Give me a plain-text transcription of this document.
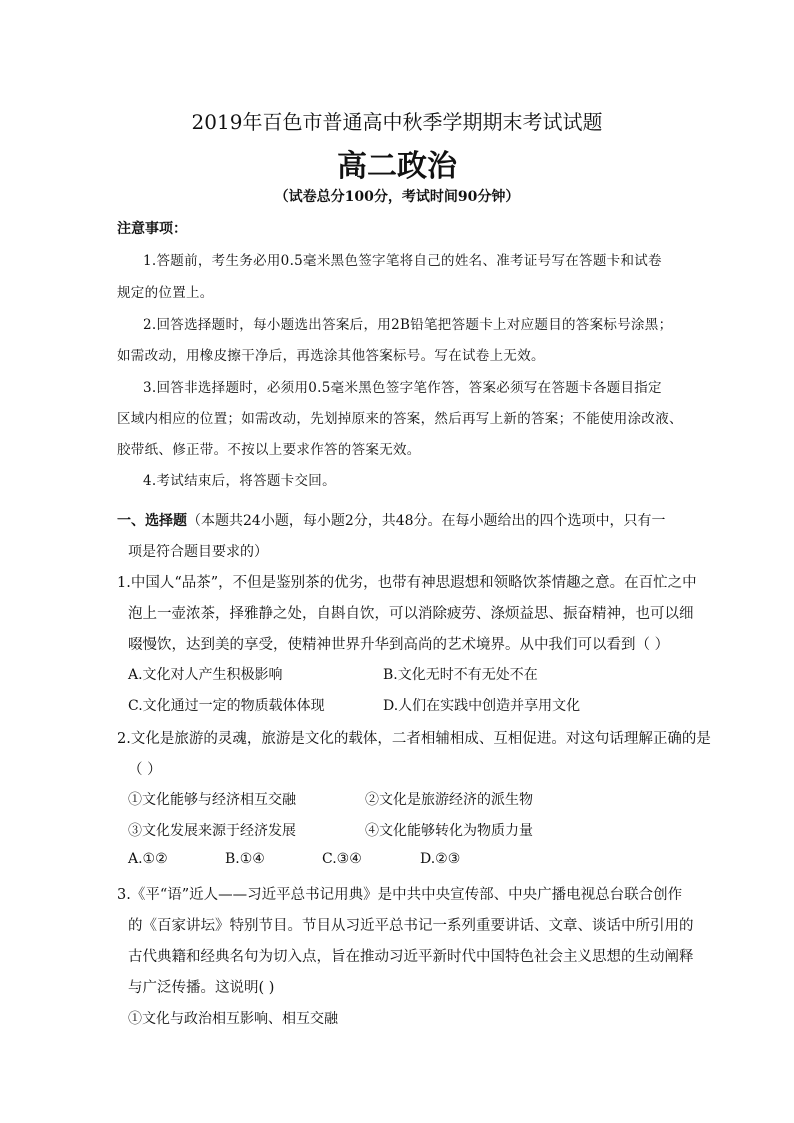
2019年百色市普通高中秋季学期期末考试试题
高二政治
（试卷总分100分，考试时间90分钟）
注意事项：
1.答题前，考生务必用0.5毫米黑色签字笔将自己的姓名、准考证号写在答题卡和试卷
规定的位置上。
2.回答选择题时，每小题选出答案后，用2B铅笔把答题卡上对应题目的答案标号涂黑；
如需改动，用橡皮擦干净后，再选涂其他答案标号。写在试卷上无效。
3.回答非选择题时，必须用0.5毫米黑色签字笔作答，答案必须写在答题卡各题目指定
区域内相应的位置；如需改动，先划掉原来的答案，然后再写上新的答案；不能使用涂改液、
胶带纸、修正带。不按以上要求作答的答案无效。
4.考试结束后，将答题卡交回。
一、选择题（本题共24小题，每小题2分，共48分。在每小题给出的四个选项中，只有一
项是符合题目要求的）
1.中国人“品茶”，不但是鉴别茶的优劣，也带有神思遐想和领略饮茶情趣之意。在百忙之中
泡上一壶浓茶，择雅静之处，自斟自饮，可以消除疲劳、涤烦益思、振奋精神，也可以细
啜慢饮，达到美的享受，使精神世界升华到高尚的艺术境界。从中我们可以看到（ ）
A.文化对人产生积极影响	B.文化无时不有无处不在
C.文化通过一定的物质载体体现	D.人们在实践中创造并享用文化
2.文化是旅游的灵魂，旅游是文化的载体，二者相辅相成、互相促进。对这句话理解正确的是
（ ）
①文化能够与经济相互交融	②文化是旅游经济的派生物
③文化发展来源于经济发展	④文化能够转化为物质力量
A.①②	B.①④	C.③④	D.②③
3.《平“语”近人——习近平总书记用典》是中共中央宣传部、中央广播电视总台联合创作
的《百家讲坛》特别节目。节目从习近平总书记一系列重要讲话、文章、谈话中所引用的
古代典籍和经典名句为切入点，旨在推动习近平新时代中国特色社会主义思想的生动阐释
与广泛传播。这说明( )
①文化与政治相互影响、相互交融
